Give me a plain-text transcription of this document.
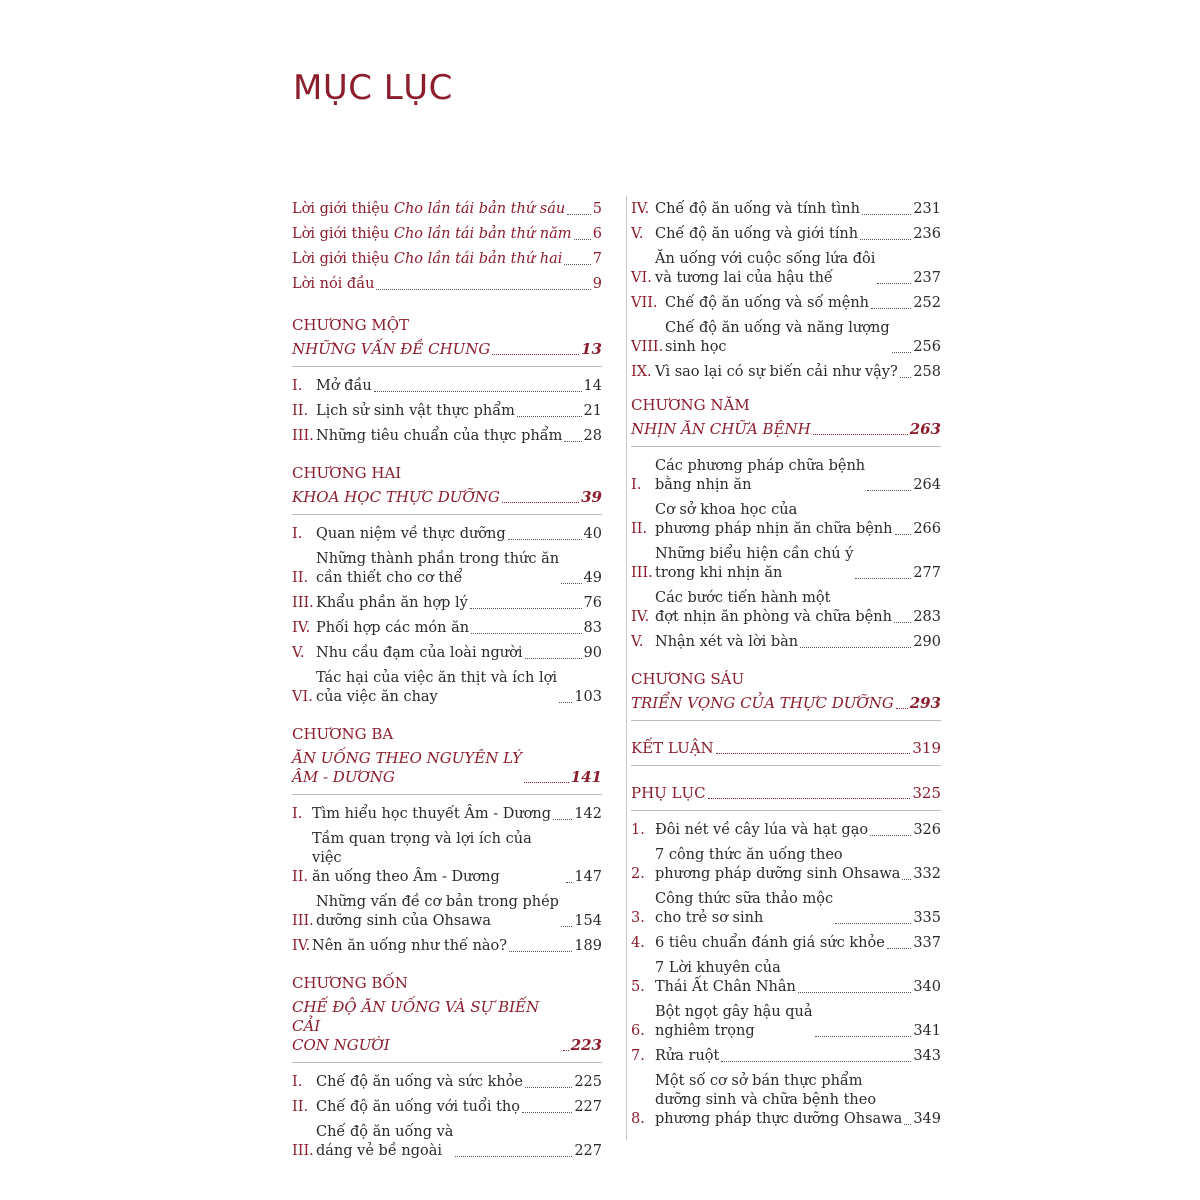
MỤC LỤC
Lời giới thiệu Cho lần tái bản thứ sáu 5
Lời giới thiệu Cho lần tái bản thứ năm 6
Lời giới thiệu Cho lần tái bản thứ hai 7
Lời nói đầu	9
CHƯƠNG MỘT
NHỮNG VẤN ĐỀ CHUNG	13
I. Mở đầu	14
II. Lịch sử sinh vật thực phẩm	21
III. Những tiêu chuẩn của thực phẩm 28
CHƯƠNG HAI
KHOA HỌC THỰC DƯỠNG	39
I. Quan niệm về thực dưỡng	40
II.
Những thành phần trong thức ăn
cần thiết cho cơ thể	49
III. Khẩu phần ăn hợp lý	76
IV. Phối hợp các món ăn	83
V. Nhu cầu đạm của loài người	90
VI.
Tác hại của việc ăn thịt và ích lợi
của việc ăn chay	103
CHƯƠNG BA
ĂN UỐNG THEO NGUYÊN LÝ
ÂM - DƯƠNG	141
I. Tìm hiểu học thuyết Âm - Dương 142
II.
Tầm quan trọng và lợi ích của việc
ăn uống theo Âm - Dương	147
III.
Những vấn đề cơ bản trong phép
dưỡng sinh của Ohsawa	154
IV. Nên ăn uống như thế nào?	189
CHƯƠNG BỐN
CHẾ ĐỘ ĂN UỐNG VÀ SỰ BIẾN CẢI
CON NGƯỜI	223
I. Chế độ ăn uống và sức khỏe	225
II. Chế độ ăn uống với tuổi thọ	227
III.
Chế độ ăn uống và
dáng vẻ bề ngoài	227
IV. Chế độ ăn uống và tính tình	231
V. Chế độ ăn uống và giới tính	236
VI.
Ăn uống với cuộc sống lứa đôi
và tương lai của hậu thế	237
VII. Chế độ ăn uống và số mệnh	252
VIII.
Chế độ ăn uống và năng lượng
sinh học	256
IX. Vì sao lại có sự biến cải như vậy? 258
CHƯƠNG NĂM
NHỊN ĂN CHỮA BỆNH	263
I.
Các phương pháp chữa bệnh
bằng nhịn ăn	264
II.
Cơ sở khoa học của
phương pháp nhịn ăn chữa bệnh 266
III.
Những biểu hiện cần chú ý
trong khi nhịn ăn	277
IV.
Các bước tiến hành một
đợt nhịn ăn phòng và chữa bệnh 283
V. Nhận xét và lời bàn	290
CHƯƠNG SÁU
TRIỂN VỌNG CỦA THỰC DƯỠNG 293
KẾT LUẬN	319
PHỤ LỤC	325
1. Đôi nét về cây lúa và hạt gạo	326
2.
7 công thức ăn uống theo
phương pháp dưỡng sinh Ohsawa 332
3.
Công thức sữa thảo mộc
cho trẻ sơ sinh	335
4. 6 tiêu chuẩn đánh giá sức khỏe 337
5.
7 Lời khuyên của
Thái Ất Chân Nhân	340
6.
Bột ngọt gây hậu quả
nghiêm trọng	341
7. Rửa ruột	343
8.
Một số cơ sở bán thực phẩm
dưỡng sinh và chữa bệnh theo
phương pháp thực dưỡng Ohsawa 349
